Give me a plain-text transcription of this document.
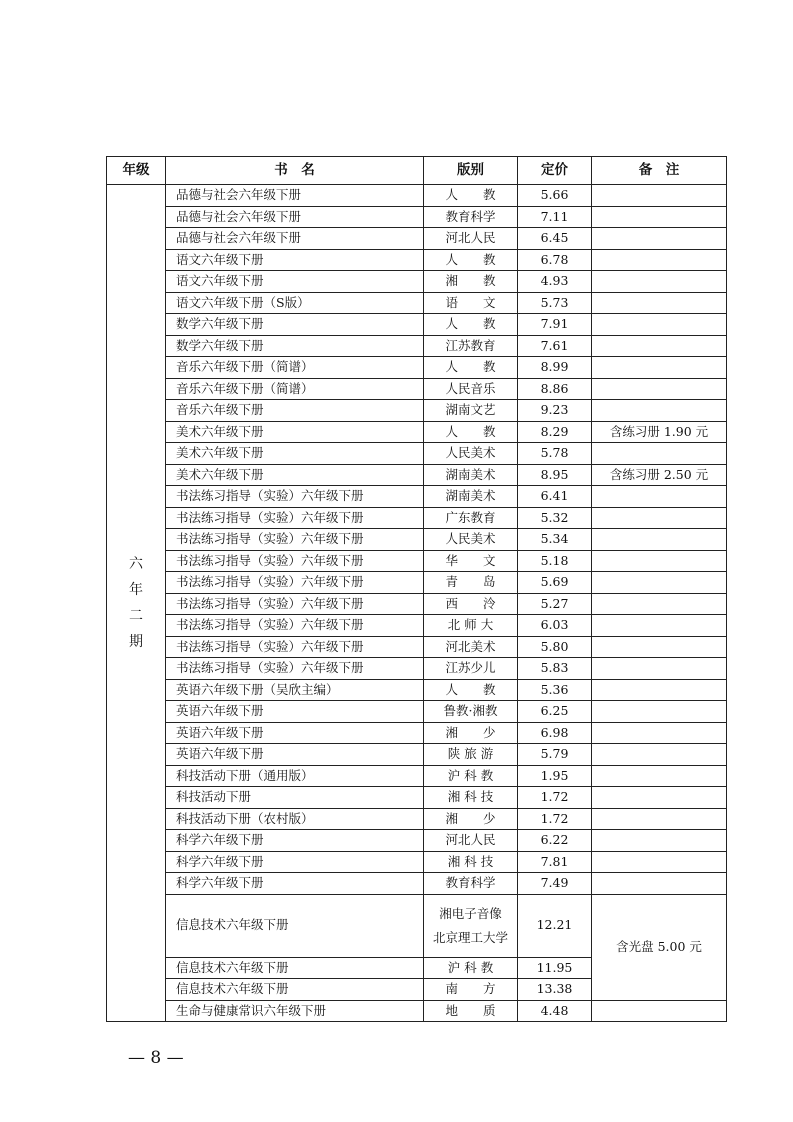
年级	书　名	版别	定价	备　注

六
年
二
期	品德与社会六年级下册	人　　教	5.66	
	品德与社会六年级下册	教育科学	7.11	
	品德与社会六年级下册	河北人民	6.45	
	语文六年级下册	人　　教	6.78	
	语文六年级下册	湘　　教	4.93	
	语文六年级下册（S版）	语　　文	5.73	
	数学六年级下册	人　　教	7.91	
	数学六年级下册	江苏教育	7.61	
	音乐六年级下册（简谱）	人　　教	8.99	
	音乐六年级下册（简谱）	人民音乐	8.86	
	音乐六年级下册	湖南文艺	9.23	
	美术六年级下册	人　　教	8.29	含练习册 1.90 元
	美术六年级下册	人民美术	5.78	
	美术六年级下册	湖南美术	8.95	含练习册 2.50 元
	书法练习指导（实验）六年级下册	湖南美术	6.41	
	书法练习指导（实验）六年级下册	广东教育	5.32	
	书法练习指导（实验）六年级下册	人民美术	5.34	
	书法练习指导（实验）六年级下册	华　　文	5.18	
	书法练习指导（实验）六年级下册	青　　岛	5.69	
	书法练习指导（实验）六年级下册	西　　泠	5.27	
	书法练习指导（实验）六年级下册	北 师 大	6.03	
	书法练习指导（实验）六年级下册	河北美术	5.80	
	书法练习指导（实验）六年级下册	江苏少儿	5.83	
	英语六年级下册（吴欣主编）	人　　教	5.36	
	英语六年级下册	鲁教·湘教	6.25	
	英语六年级下册	湘　　少	6.98	
	英语六年级下册	陕 旅 游	5.79	
	科技活动下册（通用版）	沪 科 教	1.95	
	科技活动下册	湘 科 技	1.72	
	科技活动下册（农村版）	湘　　少	1.72	
	科学六年级下册	河北人民	6.22	
	科学六年级下册	湘 科 技	7.81	
	科学六年级下册	教育科学	7.49	
	信息技术六年级下册	湘电子音像
北京理工大学	12.21	含光盘 5.00 元
	信息技术六年级下册	沪 科 教	11.95	
	信息技术六年级下册	南　　方	13.38	
	生命与健康常识六年级下册	地　　质	4.48	
— 8 —
